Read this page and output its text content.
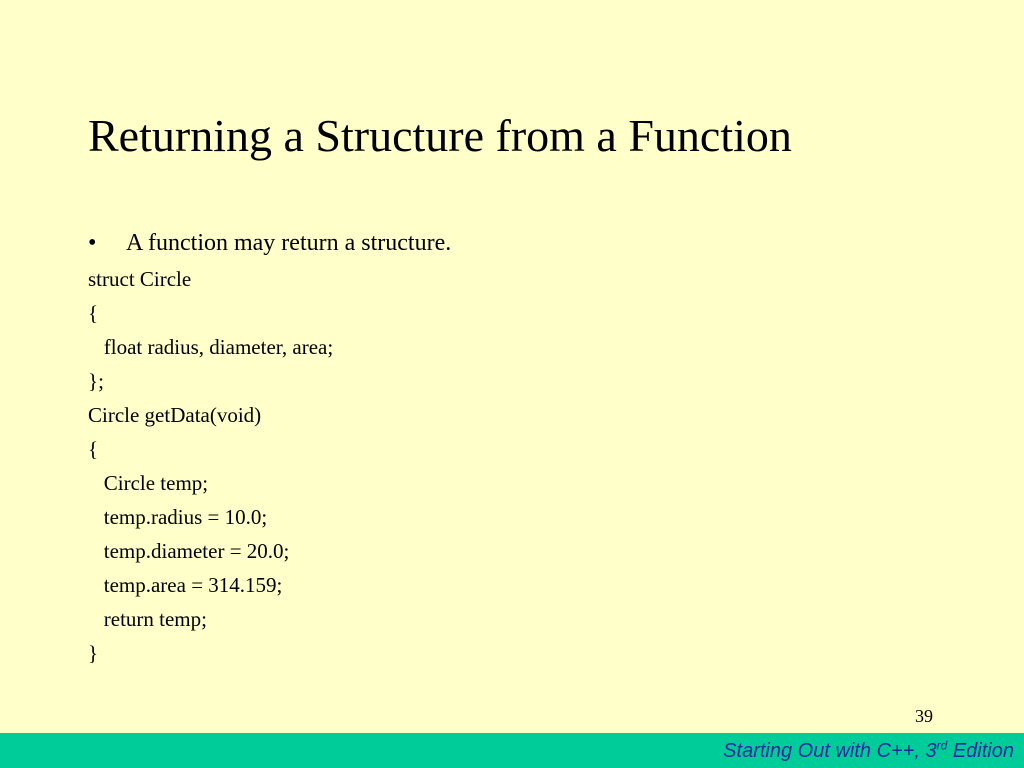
Returning a Structure from a Function
• A function may return a structure.
struct Circle
{
float radius, diameter, area;
};
Circle getData(void)
{
Circle temp;
temp.radius = 10.0;
temp.diameter = 20.0;
temp.area = 314.159;
return temp;
}
39
Starting Out with C++, 3rd Edition
